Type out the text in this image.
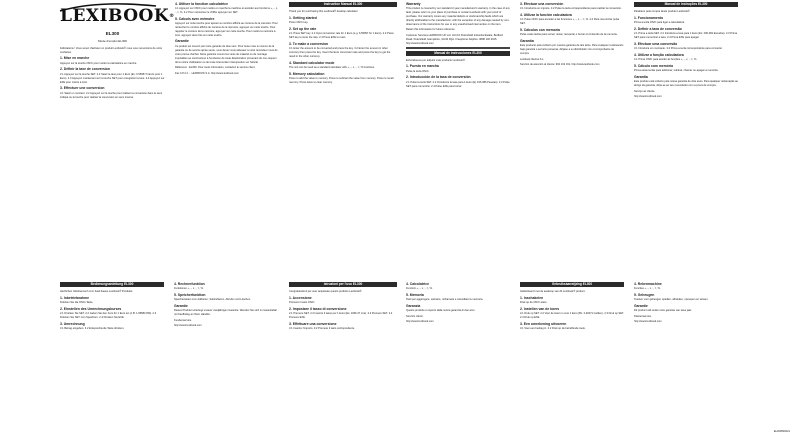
LEXIBOOK®
EL300
Mode d'emploi EL300

Félicitations ! Vous venez d'acheter un produit Lexibook® nous vous remercions de votre confiance.

1. Mise en marche

Appuyez sur la touche ON/C pour mettre la calculatrice en marche.

2. Définir la taxe de conversion

2.1 Appuyez sur la touche SET. 2.2 Saisir la taxe pour 1 Euro (Ex: 6.55957 Francs pour 1 Euro). 2.3 Appuyez maintenant sur la touche SET pour enregistrer la taxe. 2.4 Appuyez sur EXE pour mettre à zéro.

3. Effectuer une conversion

3.1 Saisir un montant. 3.2 Appuyez sur la touche pour réaliser la conversion dans le sens indiqué ou la touche pour réaliser la conversion en sens inverse.

4. Utiliser la fonction calculatrice

4.1 Appuyez sur ON/C pour mettre en marche la machine et accéder aux fonctions +, -, x, :, =, %. 4.2 Pour mémoriser le chiffre appuyez sur SET.

5. Calculs avec mémoire

Appuyez sur cette touche pour ajouter au nombre affiché au contenu de la mémoire. Pour retrancher le nombre affiché du contenu de la mémoire, appuyez sur cette touche. Pour rappeler le contenu de la mémoire, appuyez sur cette touche. Pour mettre la mémoire à zéro, appuyez deux fois sur cette touche.

Garantie

Ce produit est couvert par notre garantie de deux ans. Pour toute mise en œuvre de la garantie ou de service après-vente, vous devez vous adresser à votre revendeur muni de votre preuve d'achat. Notre garantie couvre les vices de matériel ou de montage imputables au constructeur à l'exclusion de toute détérioration provenant du non-respect de la notice d'utilisation ou de toute intervention intempestive sur l'article.

Référence : EL300. Pour toute information, contactez le service client.

Fax 0 8 2 2 ... LEXIBOOK S.A. http://www.lexibook.com

Instruction Manual EL300

Thank you for purchasing this Lexibook® desktop calculator.

1. Getting started

Press ON/C key.

2. Set up the rate

2.1 Press SET key. 2.2 Input conversion rate for 1 Euro (e.g. 6.55957 for 1 Euro). 2.3 Press SET key to store the rate. 2.4 Press EXE to reset.

3. To make a conversion

3.1 Enter the amount to be converted and press the key. 3.2 Enter the amount in other currency then press the key. Insert the Euro conversion rate and press the key to get the result in the other currency.

4. Standard calculator mode

The unit can be used as a standard calculator with +, -, x, :, =, % functions.

5. Memory calculation

Press to add the value to memory. Press to subtract the value from memory. Press to recall memory. Press twice to clear memory.

Warranty

This product is covered by our standard 2-year manufacturer's warranty. In the case of any fault, please return to your place of purchase or contact Lexibook with your proof of purchase. Our warranty covers any material defects or workmanship faults which are directly attributable to the manufacturer, with the exception of any damage caused by non-observance of the instructions for use or any unauthorised intervention on the item.

Retain this information for future reference.

Customer Services LEXIBOOK UK Ltd. Unit 10 Petersfield Industrial Estate, Bedford Road, Petersfield, Hampshire, GU32 3QA. Freephone helpline: 0808 100 3015. http://www.lexibook.com

Manual de instrucciones EL300

Enhorabuena por adquirir este producto Lexibook®.

1. Puesta en marcha

Pulse la tecla ON/C.

2. Introducción de la tasa de conversión

2.1 Pulse la tecla SET. 2.2 Introduzca la tasa para 1 Euro (Ej: 166.386 Pesetas). 2.3 Pulse SET para memorizar. 2.4 Pulse EXE para borrar.

3. Efectuar una conversión

3.1 Introduzca un importe. 3.2 Pulse la tecla correspondiente para realizar la conversión.

4. Utilizar la función calculadora

4.1 Pulse ON/C para acceder a las funciones +, -, x, :, =, %. 4.2 Para memorizar pulse SET.

5. Cálculos con memoria

Pulse estas teclas para sumar, restar, recuperar o borrar el contenido de la memoria.

Garantía

Este producto está cubierto por nuestra garantía de dos años. Para cualquier reclamación bajo garantía o servicio posventa, diríjase a su distribuidor con el comprobante de compra.

Lexibook Iberica S.L.

Servicio de atención al cliente: 902 102 191. http://www.lexibook.com

Manual de instruções EL300

Parabéns pela compra deste produto Lexibook®.

1. Funcionamento

Prima a tecla ON/C para ligar a calculadora.

2. Definir a taxa de conversão

2.1 Prima a tecla SET. 2.2 Introduza a taxa para 1 Euro (Ex: 200.482 Escudos). 2.3 Prima SET para memorizar a taxa. 2.4 Prima EXE para apagar.

3. Efectuar uma conversão

3.1 Introduza um montante. 3.2 Prima a tecla correspondente para converter.

4. Utilizar a função calculadora

4.1 Prima ON/C para aceder às funções +, -, x, :, =, %.

5. Cálculo com memória

Prima estas teclas para adicionar, subtrair, chamar ou apagar a memória.

Garantia

Este produto está coberto pela nossa garantia de dois anos. Para qualquer reclamação ao abrigo da garantia, dirija-se ao seu revendedor com a prova de compra.

Serviço ao cliente.

http://www.lexibook.com

Bedienungsanleitung EL300

Herzlichen Glückwunsch zum Kauf dieses Lexibook® Produkts.

1. Inbetriebnahme

Drücken Sie die ON/C-Taste.

2. Einstellen des Umrechnungskurses

2.1 Drücken Sie SET. 2.2 Geben Sie den Kurs für 1 Euro ein (z.B. 1.95583 DM). 2.3 Drücken Sie SET zum Speichern. 2.4 Drücken Sie EXE.

3. Umrechnung

3.1 Betrag eingeben. 3.2 Entsprechende Taste drücken.

4. Rechnerfunktion

Funktionen +, -, x, :, =, %.

5. Speicherfunktion

Speichertasten zum Addieren, Subtrahieren, Abrufen und Löschen.

Garantie

Dieses Produkt unterliegt unserer zweijährigen Garantie. Wenden Sie sich im Garantiefall mit Kaufbeleg an Ihren Händler.

Kundenservice.

http://www.lexibook.com

Istruzioni per l'uso EL300

Congratulazioni per aver acquistato questo prodotto Lexibook®.

1. Accensione

Premere il tasto ON/C.

2. Impostare il tasso di conversione

2.1 Premere SET. 2.2 Inserire il tasso per 1 Euro (Es: 1936.27 Lire). 2.3 Premere SET. 2.4 Premere EXE.

3. Effettuare una conversione

3.1 Inserire l'importo. 3.2 Premere il tasto corrispondente.

4. Calcolatrice

Funzioni +, -, x, :, =, %.

5. Memoria

Tasti per aggiungere, sottrarre, richiamare e cancellare la memoria.

Garanzia

Questo prodotto è coperto dalla nostra garanzia di due anni.

Servizio clienti.

http://www.lexibook.com

Gebruiksaanwijzing EL300

Gefeliciteerd met de aankoop van dit Lexibook® product.

1. Inschakelen

Druk op de ON/C-toets.

2. Instellen van de koers

2.1 Druk op SET. 2.2 Voer de koers in voor 1 Euro (Bv: 2.20371 Gulden). 2.3 Druk op SET. 2.4 Druk op EXE.

3. Een omrekening uitvoeren

3.1 Voer een bedrag in. 3.2 Druk op de betreffende toets.

4. Rekenmachine

Functies +, -, x, :, =, %.

5. Geheugen

Toetsen voor geheugen optellen, aftrekken, oproepen en wissen.

Garantie

Dit product valt onder onze garantie van twee jaar.

Klantenservice.

http://www.lexibook.com

EL300IM0221
